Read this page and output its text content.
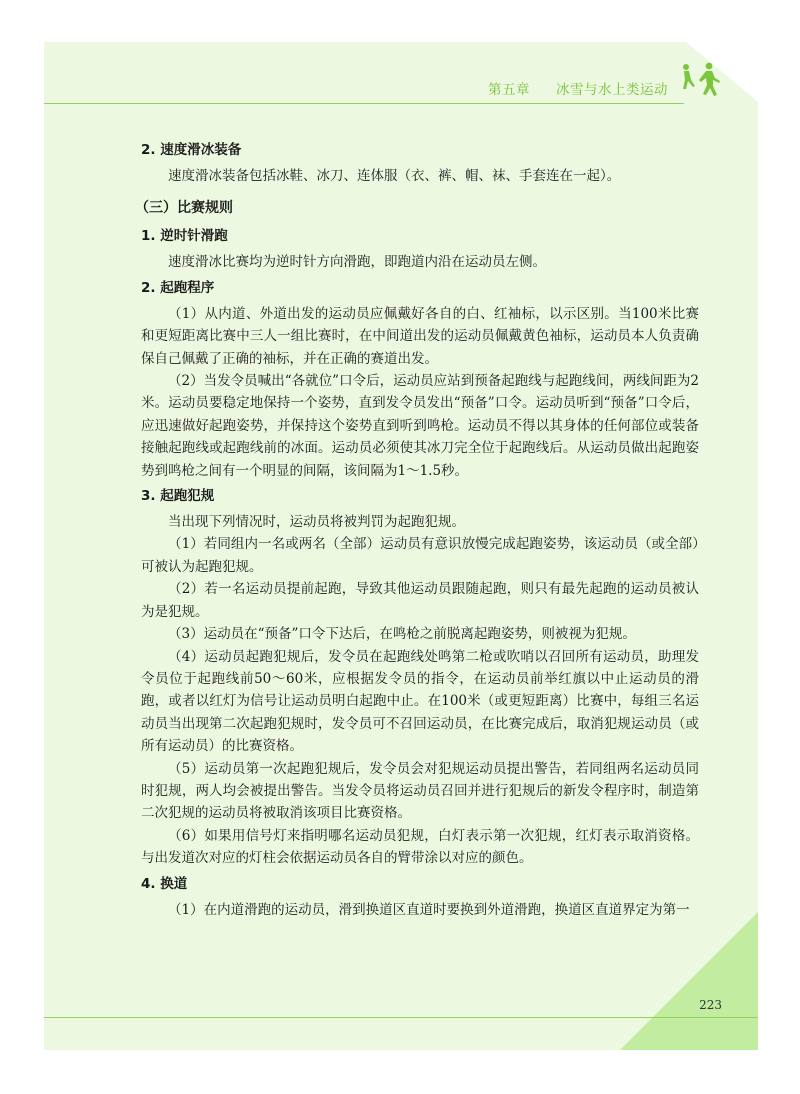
第五章 冰雪与水上类运动
2. 速度滑冰装备

速度滑冰装备包括冰鞋、冰刀、连体服（衣、裤、帽、袜、手套连在一起）。

（三）比赛规则
1. 逆时针滑跑

速度滑冰比赛均为逆时针方向滑跑，即跑道内沿在运动员左侧。

2. 起跑程序

（1）从内道、外道出发的运动员应佩戴好各自的白、红袖标，以示区别。当100米比赛和更短距离比赛中三人一组比赛时，在中间道出发的运动员佩戴黄色袖标，运动员本人负责确保自己佩戴了正确的袖标，并在正确的赛道出发。

（2）当发令员喊出“各就位”口令后，运动员应站到预备起跑线与起跑线间，两线间距为2米。运动员要稳定地保持一个姿势，直到发令员发出“预备”口令。运动员听到“预备”口令后，应迅速做好起跑姿势，并保持这个姿势直到听到鸣枪。运动员不得以其身体的任何部位或装备接触起跑线或起跑线前的冰面。运动员必须使其冰刀完全位于起跑线后。从运动员做出起跑姿势到鸣枪之间有一个明显的间隔，该间隔为1～1.5秒。

3. 起跑犯规

当出现下列情况时，运动员将被判罚为起跑犯规。

（1）若同组内一名或两名（全部）运动员有意识放慢完成起跑姿势，该运动员（或全部）可被认为起跑犯规。

（2）若一名运动员提前起跑，导致其他运动员跟随起跑，则只有最先起跑的运动员被认为是犯规。

（3）运动员在“预备”口令下达后，在鸣枪之前脱离起跑姿势，则被视为犯规。

（4）运动员起跑犯规后，发令员在起跑线处鸣第二枪或吹哨以召回所有运动员，助理发令员位于起跑线前50～60米，应根据发令员的指令，在运动员前举红旗以中止运动员的滑跑，或者以红灯为信号让运动员明白起跑中止。在100米（或更短距离）比赛中，每组三名运动员当出现第二次起跑犯规时，发令员可不召回运动员，在比赛完成后，取消犯规运动员（或所有运动员）的比赛资格。

（5）运动员第一次起跑犯规后，发令员会对犯规运动员提出警告，若同组两名运动员同时犯规，两人均会被提出警告。当发令员将运动员召回并进行犯规后的新发令程序时，制造第二次犯规的运动员将被取消该项目比赛资格。

（6）如果用信号灯来指明哪名运动员犯规，白灯表示第一次犯规，红灯表示取消资格。与出发道次对应的灯柱会依据运动员各自的臂带涂以对应的颜色。

4. 换道

（1）在内道滑跑的运动员，滑到换道区直道时要换到外道滑跑，换道区直道界定为第一

223
